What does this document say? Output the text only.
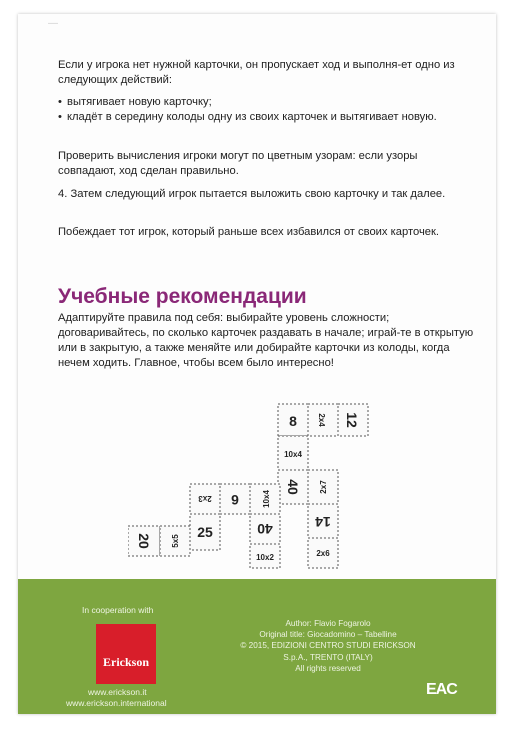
—

Если у игрока нет нужной карточки, он пропускает ход и выполня-ет одно из следующих действий:

• вытягивает новую карточку;
• кладёт в середину колоды одну из своих карточек и вытягивает новую.

Проверить вычисления игроки могут по цветным узорам: если узоры совпадают, ход сделан правильно.

4. Затем следующий игрок пытается выложить свою карточку и так далее.

Побеждает тот игрок, который раньше всех избавился от своих карточек.

Учебные рекомендации

Адаптируйте правила под себя: выбирайте уровень сложности; договаривайтесь, по сколько карточек раздавать в начале; играй-те в открытую или в закрытую, а также меняйте или добирайте карточки из колоды, когда нечем ходить. Главное, чтобы всем было интересно!

8	2x4 12
10x4
40 2x7
2x3 6	10x4
20 5x5
25	40	14
10x2	2x6
In cooperation with
Erickson
www.erickson.it
www.erickson.international
Author: Flavio Fogarolo
Original title: Giocadomino – Tabelline
© 2015, EDIZIONI CENTRO STUDI ERICKSON
S.p.A., TRENTO (ITALY)
All rights reserved
EAC
